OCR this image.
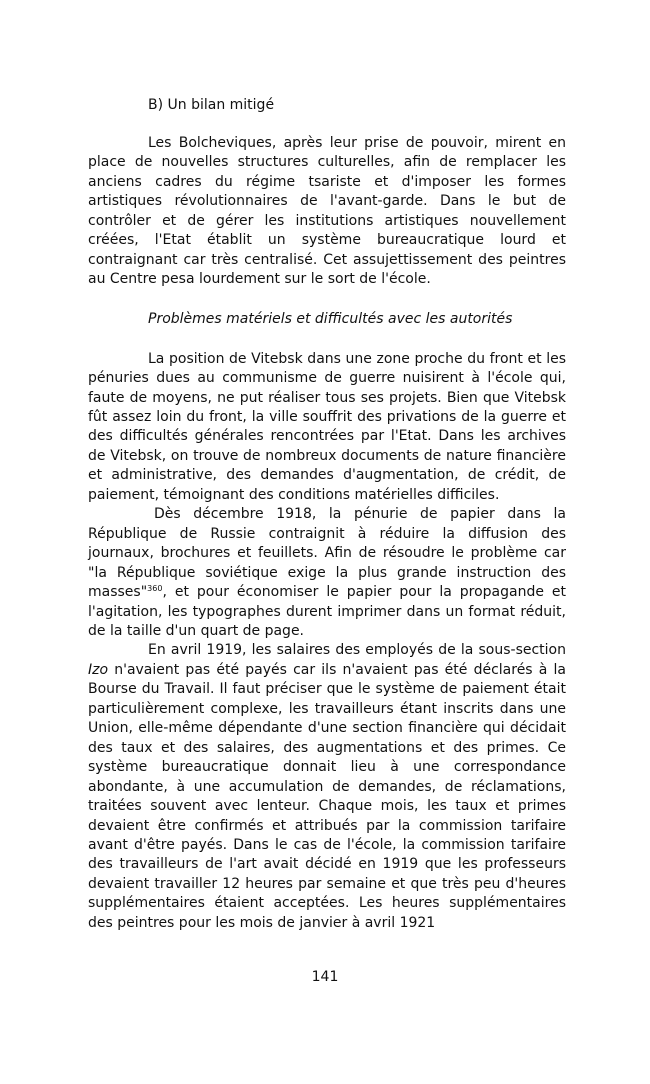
B) Un bilan mitigé

Les Bolcheviques, après leur prise de pouvoir, mirent en place de nouvelles structures culturelles, afin de remplacer les anciens cadres du régime tsariste et d'imposer les formes artistiques révolutionnaires de l'avant-garde. Dans le but de contrôler et de gérer les institutions artistiques nouvellement créées, l'Etat établit un système bureaucratique lourd et contraignant car très centralisé. Cet assujettissement des peintres au Centre pesa lourdement sur le sort de l'école.

Problèmes matériels et difficultés avec les autorités

La position de Vitebsk dans une zone proche du front et les pénuries dues au communisme de guerre nuisirent à l'école qui, faute de moyens, ne put réaliser tous ses projets. Bien que Vitebsk fût assez loin du front, la ville souffrit des privations de la guerre et des difficultés générales rencontrées par l'Etat. Dans les archives de Vitebsk, on trouve de nombreux documents de nature financière et administrative, des demandes d'augmentation, de crédit, de paiement, témoignant des conditions matérielles difficiles.

Dès décembre 1918, la pénurie de papier dans la République de Russie contraignit à réduire la diffusion des journaux, brochures et feuillets. Afin de résoudre le problème car "la République soviétique exige la plus grande instruction des masses"$^{360}$, et pour économiser le papier pour la propagande et l'agitation, les typographes durent imprimer dans un format réduit, de la taille d'un quart de page.

En avril 1919, les salaires des employés de la sous-section Izo n'avaient pas été payés car ils n'avaient pas été déclarés à la Bourse du Travail. Il faut préciser que le système de paiement était particulièrement complexe, les travailleurs étant inscrits dans une Union, elle-même dépendante d'une section financière qui décidait des taux et des salaires, des augmentations et des primes. Ce système bureaucratique donnait lieu à une correspondance abondante, à une accumulation de demandes, de réclamations, traitées souvent avec lenteur. Chaque mois, les taux et primes devaient être confirmés et attribués par la commission tarifaire avant d'être payés. Dans le cas de l'école, la commission tarifaire des travailleurs de l'art avait décidé en 1919 que les professeurs devaient travailler 12 heures par semaine et que très peu d'heures supplémentaires étaient acceptées. Les heures supplémentaires des peintres pour les mois de janvier à avril 1921

141
